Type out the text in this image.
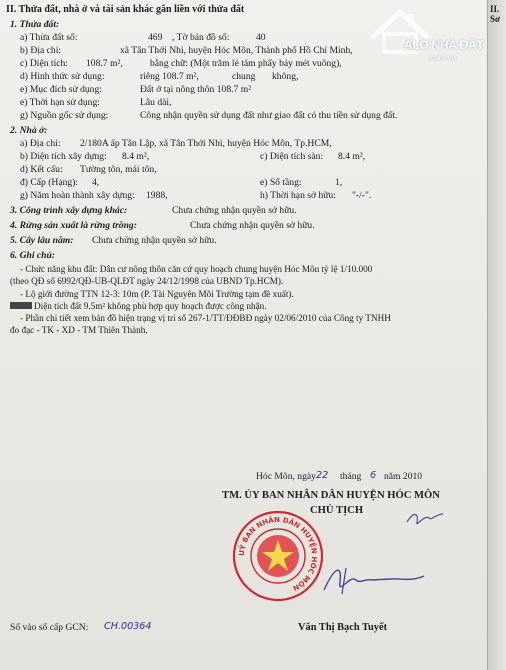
II. Thửa đất, nhà ở và tài sản khác gắn liền với thửa đất
ALO NHÀ ĐẤT
.com.vn
1. Thửa đất:
a) Thửa đất số:	469 , Tờ bản đồ số:	40
b) Địa chỉ:	xã Tân Thới Nhì, huyện Hóc Môn, Thành phố Hồ Chí Minh,
c) Diện tích: 108.7 m²,	bằng chữ: (Một trăm lẻ tám phẩy bảy mét vuông),
d) Hình thức sử dụng:	riêng 108.7 m²,	chung không,
e) Mục đích sử dụng:	Đất ở tại nông thôn 108.7 m²
e) Thời hạn sử dụng:	Lâu dài,
g) Nguồn gốc sử dụng:	Công nhận quyền sử dụng đất như giao đất có thu tiền sử dụng đất.
2. Nhà ở:
a) Địa chỉ: 2/180A ấp Tân Lập, xã Tân Thới Nhì, huyện Hóc Môn, Tp.HCM,
b) Diện tích xây dựng: 8.4 m²,	c) Diện tích sàn: 8.4 m²,
d) Kết cấu: Tường tôn, mái tôn,
đ) Cấp (Hạng): 4,	e) Số tầng:	1,
g) Năm hoàn thành xây dựng: 1988,	h) Thời hạn sở hữu: "-/-".
3. Công trình xây dựng khác:	Chưa chứng nhận quyền sở hữu.
4. Rừng sản xuất là rừng trồng:	Chưa chứng nhận quyền sở hữu.
5. Cây lâu năm: Chưa chứng nhận quyền sở hữu.
6. Ghi chú:
- Chức năng khu đất: Dân cư nông thôn căn cứ quy hoạch chung huyện Hóc Môn tỷ lệ 1/10.000
(theo QĐ số 6992/QĐ-UB-QLĐT ngày 24/12/1998 của UBND Tp.HCM).
- Lộ giới đường TTN 12-3: 10m (P. Tài Nguyên Môi Trường tạm đề xuất).
Diện tích đất 9.5m² không phù hợp quy hoạch được công nhận.
- Phần chi tiết xem bản đồ hiện trạng vị trí số 267-1/TT/ĐĐBĐ ngày 02/06/2010 của Công ty TNHH
đo đạc - TK - XD - TM Thiên Thành.
Hóc Môn, ngày 22 tháng 6 năm 2010
TM. ỦY BAN NHÂN DÂN HUYỆN HÓC MÔN
CHỦ TỊCH
UỶ BAN NHÂN DÂN HUYỆN HÓC MÔN
Văn Thị Bạch Tuyết
Số vào sổ cấp GCN: CH.00364
II. Sơ
